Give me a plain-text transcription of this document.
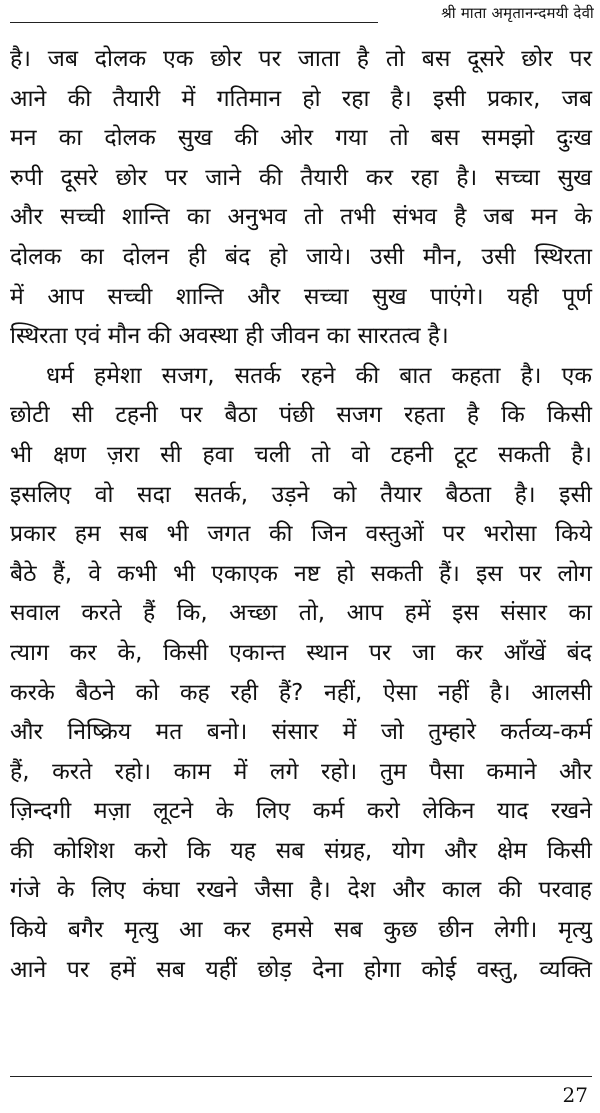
श्री माता अमृतानन्दमयी देवी
है। जब दोलक एक छोर पर जाता है तो बस दूसरे छोर पर
आने की तैयारी में गतिमान हो रहा है। इसी प्रकार, जब
मन का दोलक सुख की ओर गया तो बस समझो दुःख
रुपी दूसरे छोर पर जाने की तैयारी कर रहा है। सच्चा सुख
और सच्ची शान्ति का अनुभव तो तभी संभव है जब मन के
दोलक का दोलन ही बंद हो जाये। उसी मौन, उसी स्थिरता
में आप सच्ची शान्ति और सच्चा सुख पाएंगे। यही पूर्ण
स्थिरता एवं मौन की अवस्था ही जीवन का सारतत्व है।
धर्म हमेशा सजग, सतर्क रहने की बात कहता है। एक
छोटी सी टहनी पर बैठा पंछी सजग रहता है कि किसी
भी क्षण ज़रा सी हवा चली तो वो टहनी टूट सकती है।
इसलिए वो सदा सतर्क, उड़ने को तैयार बैठता है। इसी
प्रकार हम सब भी जगत की जिन वस्तुओं पर भरोसा किये
बैठे हैं, वे कभी भी एकाएक नष्ट हो सकती हैं। इस पर लोग
सवाल करते हैं कि, अच्छा तो, आप हमें इस संसार का
त्याग कर के, किसी एकान्त स्थान पर जा कर आँखें बंद
करके बैठने को कह रही हैं? नहीं, ऐसा नहीं है। आलसी
और निष्क्रिय मत बनो। संसार में जो तुम्हारे कर्तव्य-कर्म
हैं, करते रहो। काम में लगे रहो। तुम पैसा कमाने और
ज़िन्दगी मज़ा लूटने के लिए कर्म करो लेकिन याद रखने
की कोशिश करो कि यह सब संग्रह, योग और क्षेम किसी
गंजे के लिए कंघा रखने जैसा है। देश और काल की परवाह
किये बगैर मृत्यु आ कर हमसे सब कुछ छीन लेगी। मृत्यु
आने पर हमें सब यहीं छोड़ देना होगा कोई वस्तु, व्यक्ति
27
